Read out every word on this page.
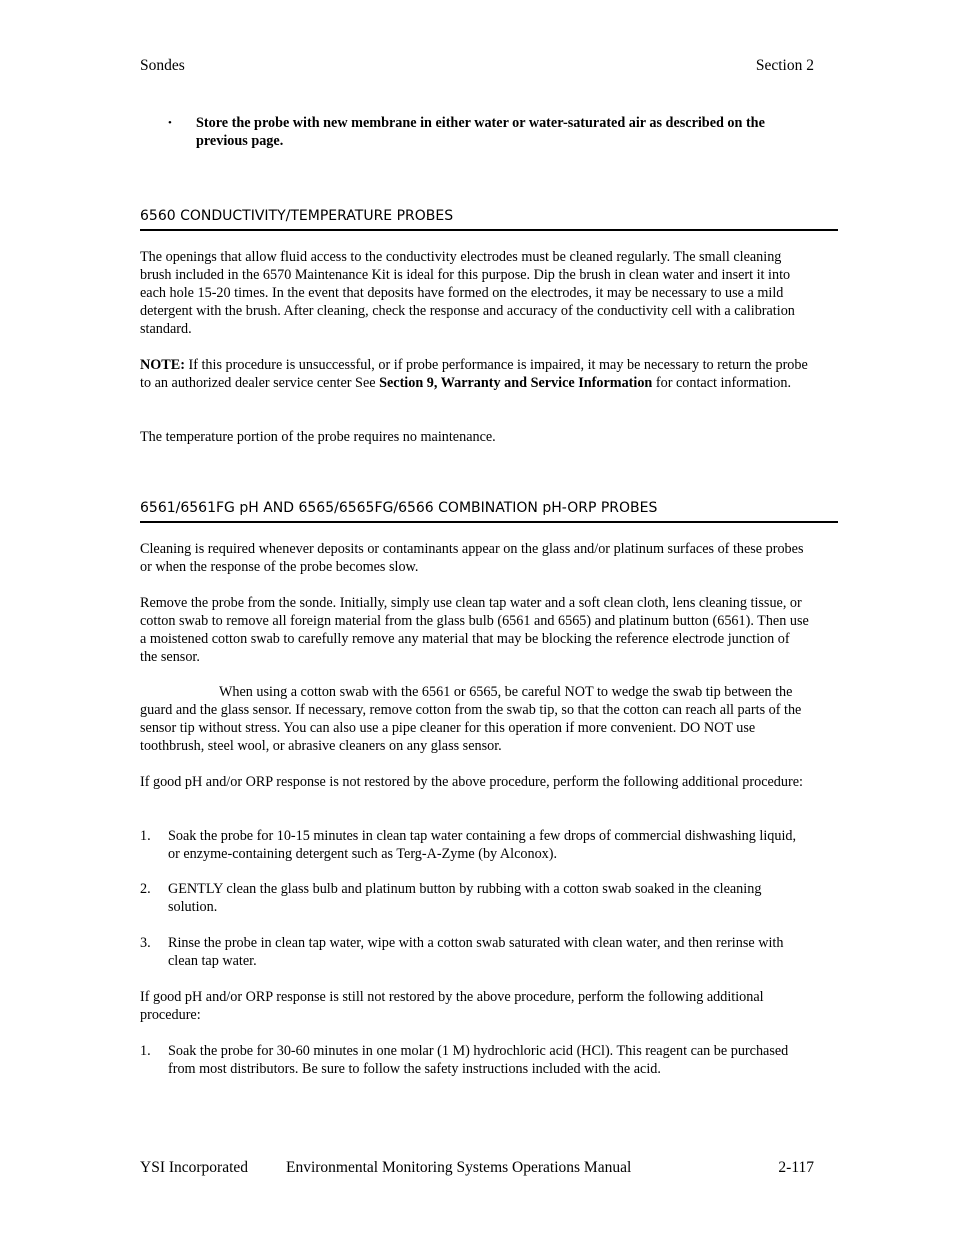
Sondes	Section 2
•	Store the probe with new membrane in either water or water-saturated air as described on the previous page.
6560 CONDUCTIVITY/TEMPERATURE PROBES
The openings that allow fluid access to the conductivity electrodes must be cleaned regularly. The small cleaning brush included in the 6570 Maintenance Kit is ideal for this purpose. Dip the brush in clean water and insert it into each hole 15-20 times. In the event that deposits have formed on the electrodes, it may be necessary to use a mild detergent with the brush. After cleaning, check the response and accuracy of the conductivity cell with a calibration standard.
NOTE: If this procedure is unsuccessful, or if probe performance is impaired, it may be necessary to return the probe to an authorized dealer service center See Section 9, Warranty and Service Information for contact information.
The temperature portion of the probe requires no maintenance.
6561/6561FG pH AND 6565/6565FG/6566 COMBINATION pH-ORP PROBES
Cleaning is required whenever deposits or contaminants appear on the glass and/or platinum surfaces of these probes or when the response of the probe becomes slow.
Remove the probe from the sonde. Initially, simply use clean tap water and a soft clean cloth, lens cleaning tissue, or cotton swab to remove all foreign material from the glass bulb (6561 and 6565) and platinum button (6561). Then use a moistened cotton swab to carefully remove any material that may be blocking the reference electrode junction of the sensor.
When using a cotton swab with the 6561 or 6565, be careful NOT to wedge the swab tip between the guard and the glass sensor. If necessary, remove cotton from the swab tip, so that the cotton can reach all parts of the sensor tip without stress. You can also use a pipe cleaner for this operation if more convenient. DO NOT use toothbrush, steel wool, or abrasive cleaners on any glass sensor.
If good pH and/or ORP response is not restored by the above procedure, perform the following additional procedure:
1.	Soak the probe for 10-15 minutes in clean tap water containing a few drops of commercial dishwashing liquid, or enzyme-containing detergent such as Terg-A-Zyme (by Alconox).
2.	GENTLY clean the glass bulb and platinum button by rubbing with a cotton swab soaked in the cleaning solution.
3.	Rinse the probe in clean tap water, wipe with a cotton swab saturated with clean water, and then rerinse with clean tap water.
If good pH and/or ORP response is still not restored by the above procedure, perform the following additional procedure:
1.	Soak the probe for 30-60 minutes in one molar (1 M) hydrochloric acid (HCl). This reagent can be purchased from most distributors. Be sure to follow the safety instructions included with the acid.
YSI Incorporated Environmental Monitoring Systems Operations Manual	2-117
